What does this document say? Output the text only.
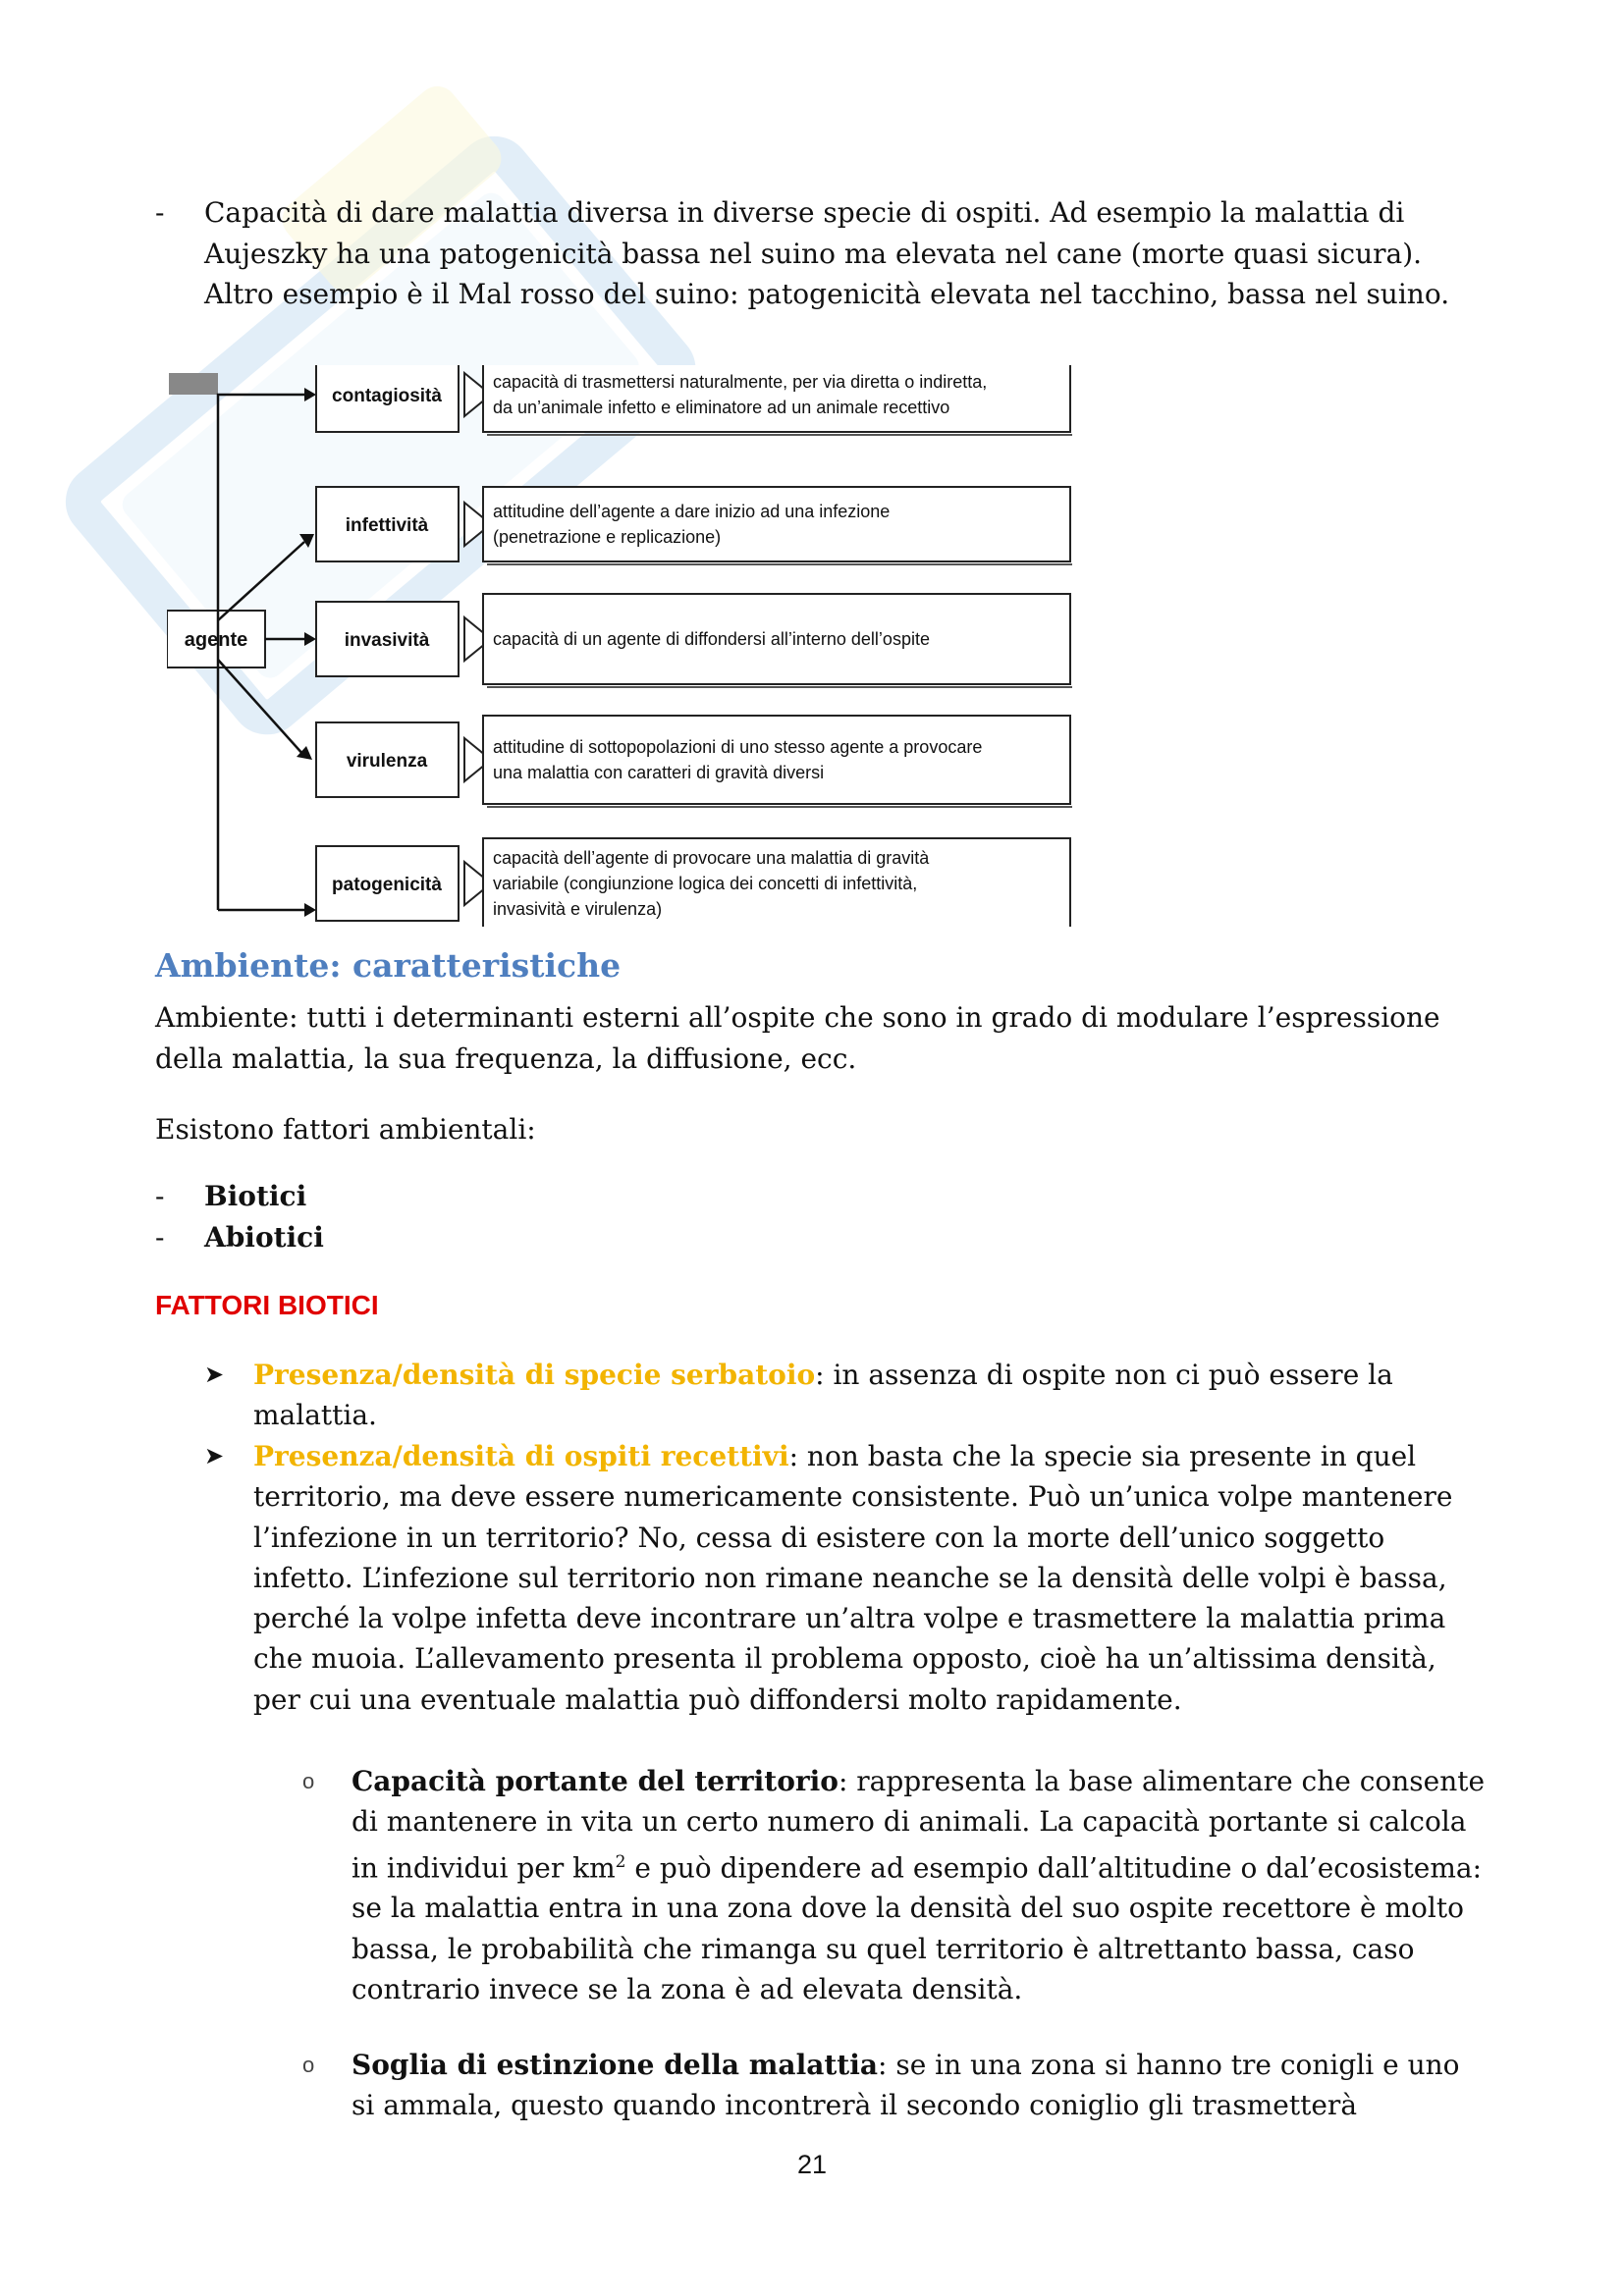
- Capacità di dare malattia diversa in diverse specie di ospiti. Ad esempio la malattia di Aujeszky ha una patogenicità bassa nel suino ma elevata nel cane (morte quasi sicura). Altro esempio è il Mal rosso del suino: patogenicità elevata nel tacchino, bassa nel suino.
agente
contagiosità
capacità di trasmettersi naturalmente, per via diretta o indiretta,
da un’animale infetto e eliminatore ad un animale recettivo
infettività
attitudine dell’agente a dare inizio ad una infezione
(penetrazione e replicazione)
invasività	capacità di un agente di diffondersi all’interno dell’ospite
virulenza
attitudine di sottopopolazioni di uno stesso agente a provocare
una malattia con caratteri di gravità diversi
patogenicità
capacità dell’agente di provocare una malattia di gravità
variabile (congiunzione logica dei concetti di infettività,
invasività e virulenza)
Ambiente: caratteristiche
Ambiente: tutti i determinanti esterni all’ospite che sono in grado di modulare l’espressione della malattia, la sua frequenza, la diffusione, ecc.
Esistono fattori ambientali:
- Biotici
- Abiotici
FATTORI BIOTICI
➤ Presenza/densità di specie serbatoio: in assenza di ospite non ci può essere la malattia.
➤ Presenza/densità di ospiti recettivi: non basta che la specie sia presente in quel territorio, ma deve essere numericamente consistente. Può un’unica volpe mantenere l’infezione in un territorio? No, cessa di esistere con la morte dell’unico soggetto infetto. L’infezione sul territorio non rimane neanche se la densità delle volpi è bassa, perché la volpe infetta deve incontrare un’altra volpe e trasmettere la malattia prima che muoia. L’allevamento presenta il problema opposto, cioè ha un’altissima densità, per cui una eventuale malattia può diffondersi molto rapidamente.
o Capacità portante del territorio: rappresenta la base alimentare che consente di mantenere in vita un certo numero di animali. La capacità portante si calcola in individui per $km^2$ e può dipendere ad esempio dall’altitudine o dal’ecosistema: se la malattia entra in una zona dove la densità del suo ospite recettore è molto bassa, le probabilità che rimanga su quel territorio è altrettanto bassa, caso contrario invece se la zona è ad elevata densità.
o Soglia di estinzione della malattia: se in una zona si hanno tre conigli e uno si ammala, questo quando incontrerà il secondo coniglio gli trasmetterà
21
